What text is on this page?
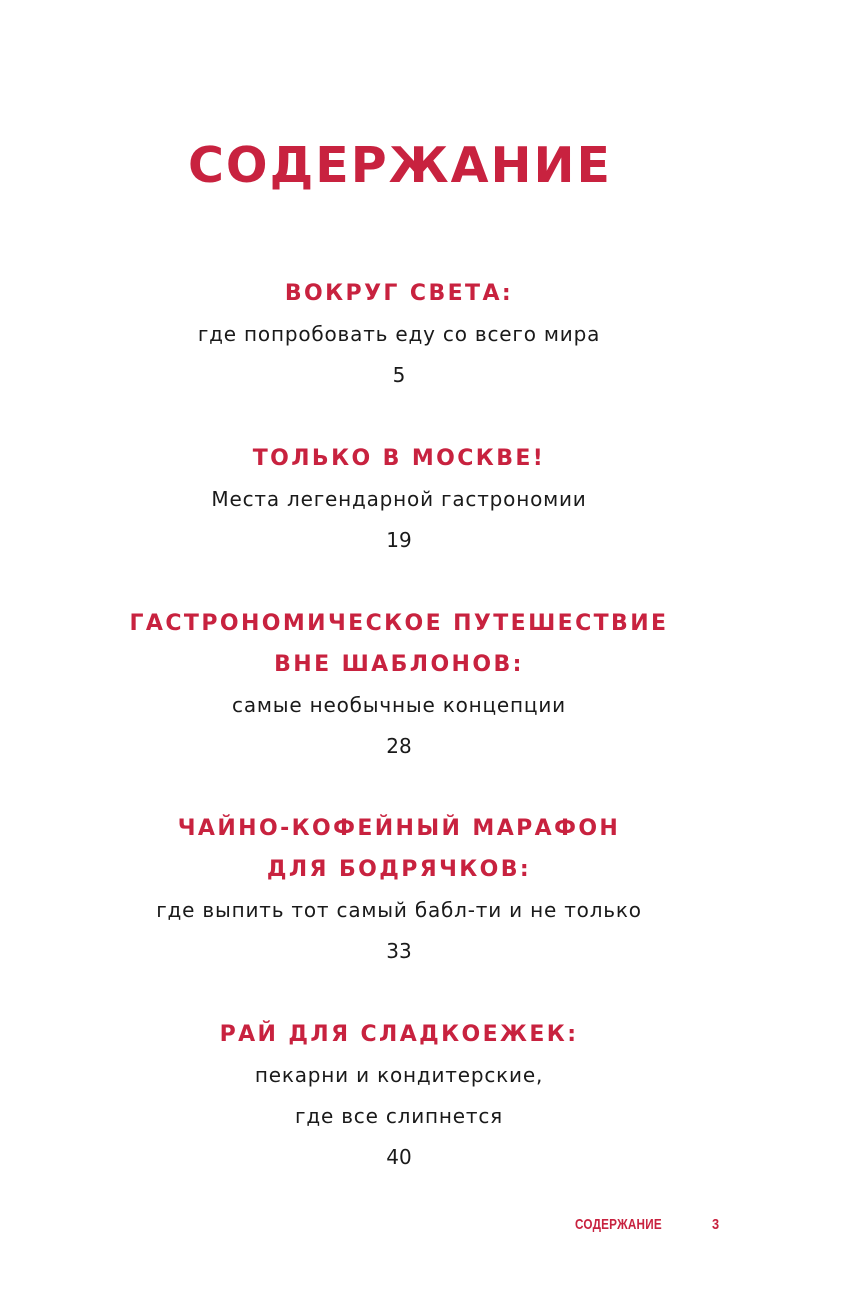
СОДЕРЖАНИЕ
ВОКРУГ СВЕТА:
где попробовать еду со всего мира
5
ТОЛЬКО В МОСКВЕ!
Места легендарной гастрономии
19
ГАСТРОНОМИЧЕСКОЕ ПУТЕШЕСТВИЕ
ВНЕ ШАБЛОНОВ:
самые необычные концепции
28
ЧАЙНО-КОФЕЙНЫЙ МАРАФОН
ДЛЯ БОДРЯЧКОВ:
где выпить тот самый бабл-ти и не только
33
РАЙ ДЛЯ СЛАДКОЕЖЕК:
пекарни и кондитерские,
где все слипнется
40
СОДЕРЖАНИЕ	3
